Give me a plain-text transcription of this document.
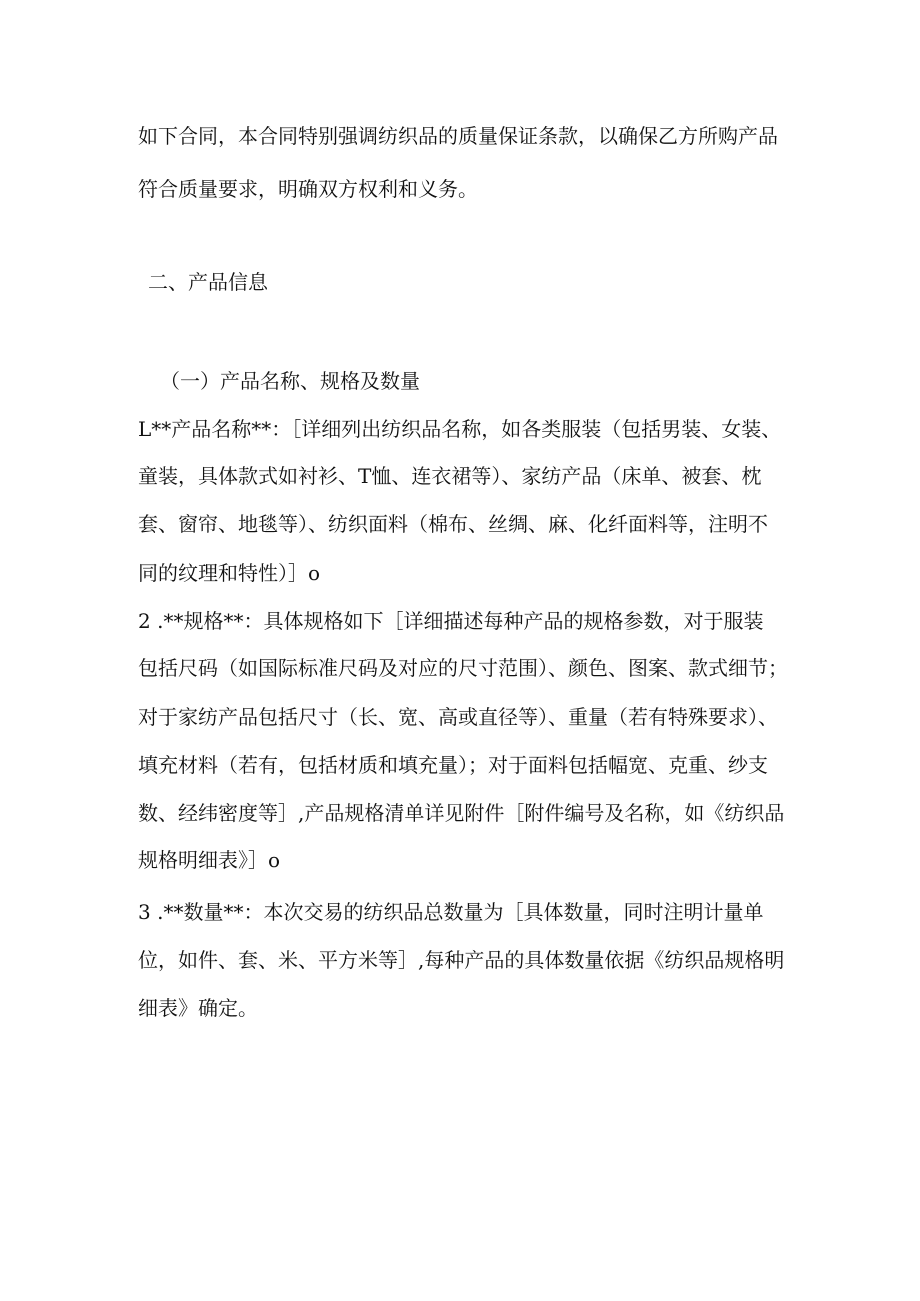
如下合同，本合同特别强调纺织品的质量保证条款，以确保乙方所购产品

符合质量要求，明确双方权利和义务。

二、产品信息
（一）产品名称、规格及数量

L**产品名称**：［详细列出纺织品名称，如各类服装（包括男装、女装、

童装，具体款式如衬衫、T恤、连衣裙等）、家纺产品（床单、被套、枕

套、窗帘、地毯等）、纺织面料（棉布、丝绸、麻、化纤面料等，注明不

同的纹理和特性）］o

2 .**规格**：具体规格如下［详细描述每种产品的规格参数，对于服装

包括尺码（如国际标准尺码及对应的尺寸范围）、颜色、图案、款式细节；

对于家纺产品包括尺寸（长、宽、高或直径等）、重量（若有特殊要求）、

填充材料（若有，包括材质和填充量）；对于面料包括幅宽、克重、纱支

数、经纬密度等］,产品规格清单详见附件［附件编号及名称，如《纺织品

规格明细表》］o

3 .**数量**：本次交易的纺织品总数量为［具体数量，同时注明计量单

位，如件、套、米、平方米等］,每种产品的具体数量依据《纺织品规格明

细表》确定。
